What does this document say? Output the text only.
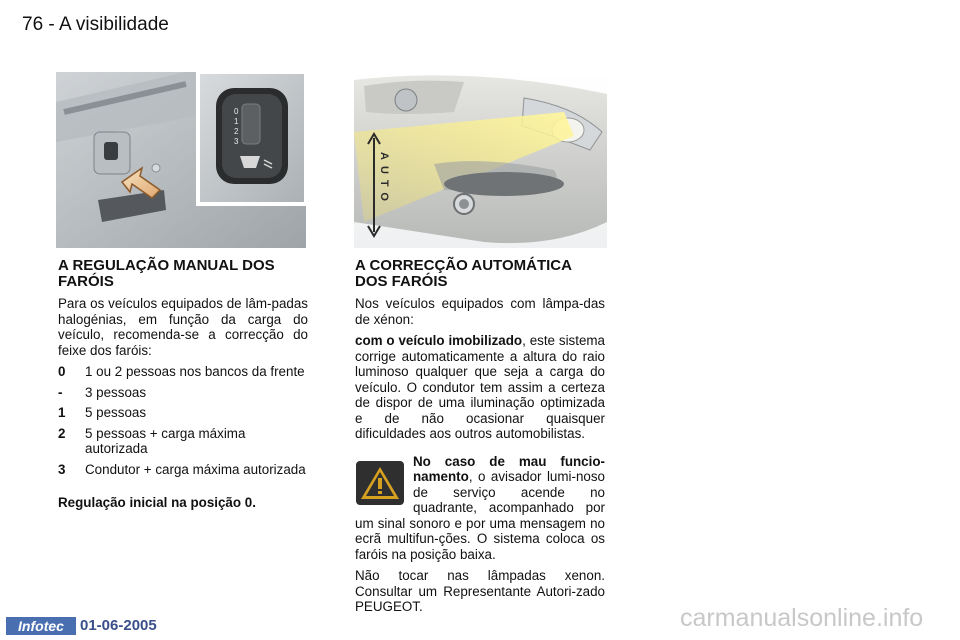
76 - A visibilidade
0
1
2
3
AUTO
A REGULAÇÃO MANUAL DOS FARÓIS

Para os veículos equipados de lâm-padas halogénias, em função da carga do veículo, recomenda-se a correcção do feixe dos faróis:

0	1 ou 2 pessoas nos bancos da frente
-	3 pessoas
1	5 pessoas
2	5 pessoas + carga máxima autorizada
3	Condutor + carga máxima autorizada

Regulação inicial na posição 0.

A CORRECÇÃO AUTOMÁTICA DOS FARÓIS

Nos veículos equipados com lâmpa-das de xénon:

com o veículo imobilizado, este sistema corrige automaticamente a altura do raio luminoso qualquer que seja a carga do veículo. O condutor tem assim a certeza de dispor de uma iluminação optimizada e de não ocasionar quaisquer dificuldades aos outros automobilistas.

No caso de mau funcio-namento, o avisador lumi-noso de serviço acende no quadrante, acompanhado por um sinal sonoro e por uma mensagem no ecrã multifun-ções. O sistema coloca os faróis na posição baixa.

Não tocar nas lâmpadas xenon. Consultar um Representante Autori-zado PEUGEOT.

Infotec	01-06-2005	carmanualsonline.info
